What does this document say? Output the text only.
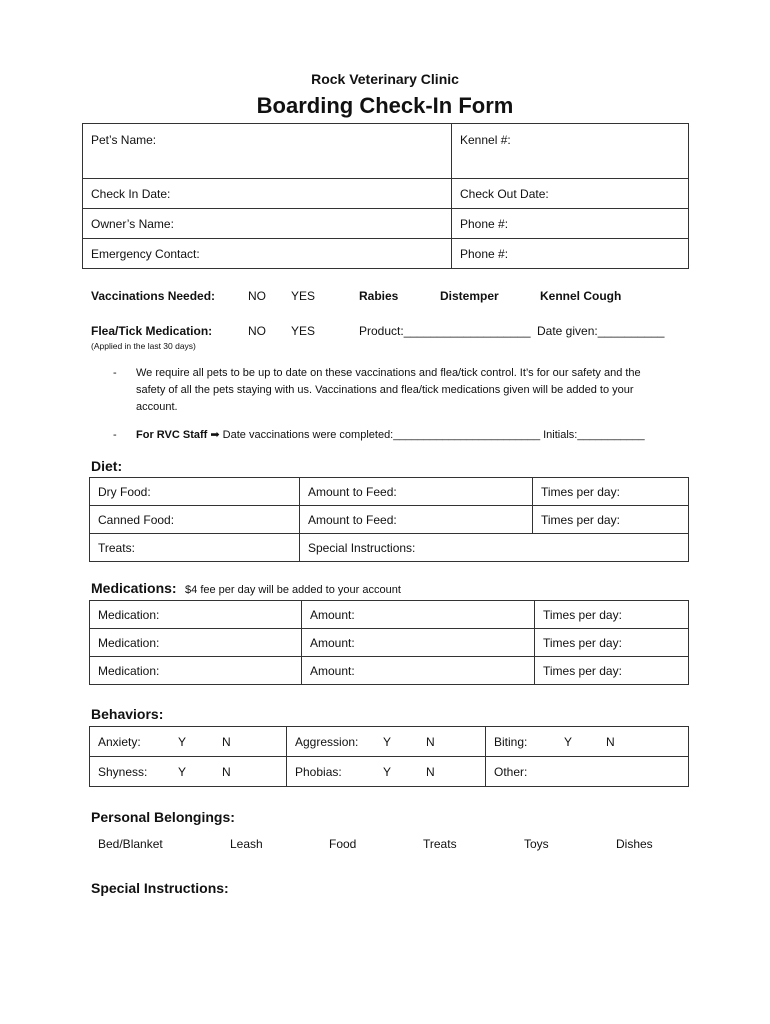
Rock Veterinary Clinic
Boarding Check-In Form
Pet’s Name:	Kennel #:
Check In Date:	Check Out Date:
Owner’s Name:	Phone #:
Emergency Contact:	Phone #:
Vaccinations Needed:	NO YES	Rabies	Distemper	Kennel Cough
Flea/Tick Medication:	NO YES	Product:___________________ Date given:__________
(Applied in the last 30 days)
- We require all pets to be up to date on these vaccinations and flea/tick control. It’s for our safety and the
safety of all the pets staying with us. Vaccinations and flea/tick medications given will be added to your
account.
- For RVC Staff ➡ Date vaccinations were completed:________________________ Initials:___________
Diet:
Dry Food:	Amount to Feed:	Times per day:
Canned Food:	Amount to Feed:	Times per day:
Treats:	Special Instructions:	
Medications: $4 fee per day will be added to your account
Medication:	Amount:	Times per day:
Medication:	Amount:	Times per day:
Medication:	Amount:	Times per day:
Behaviors:
Anxiety: Y N	Aggression: Y N	Biting: Y N
Shyness: Y N	Phobias: Y N	Other:
Personal Belongings:
Bed/Blanket	Leash	Food	Treats	Toys	Dishes
Special Instructions:
